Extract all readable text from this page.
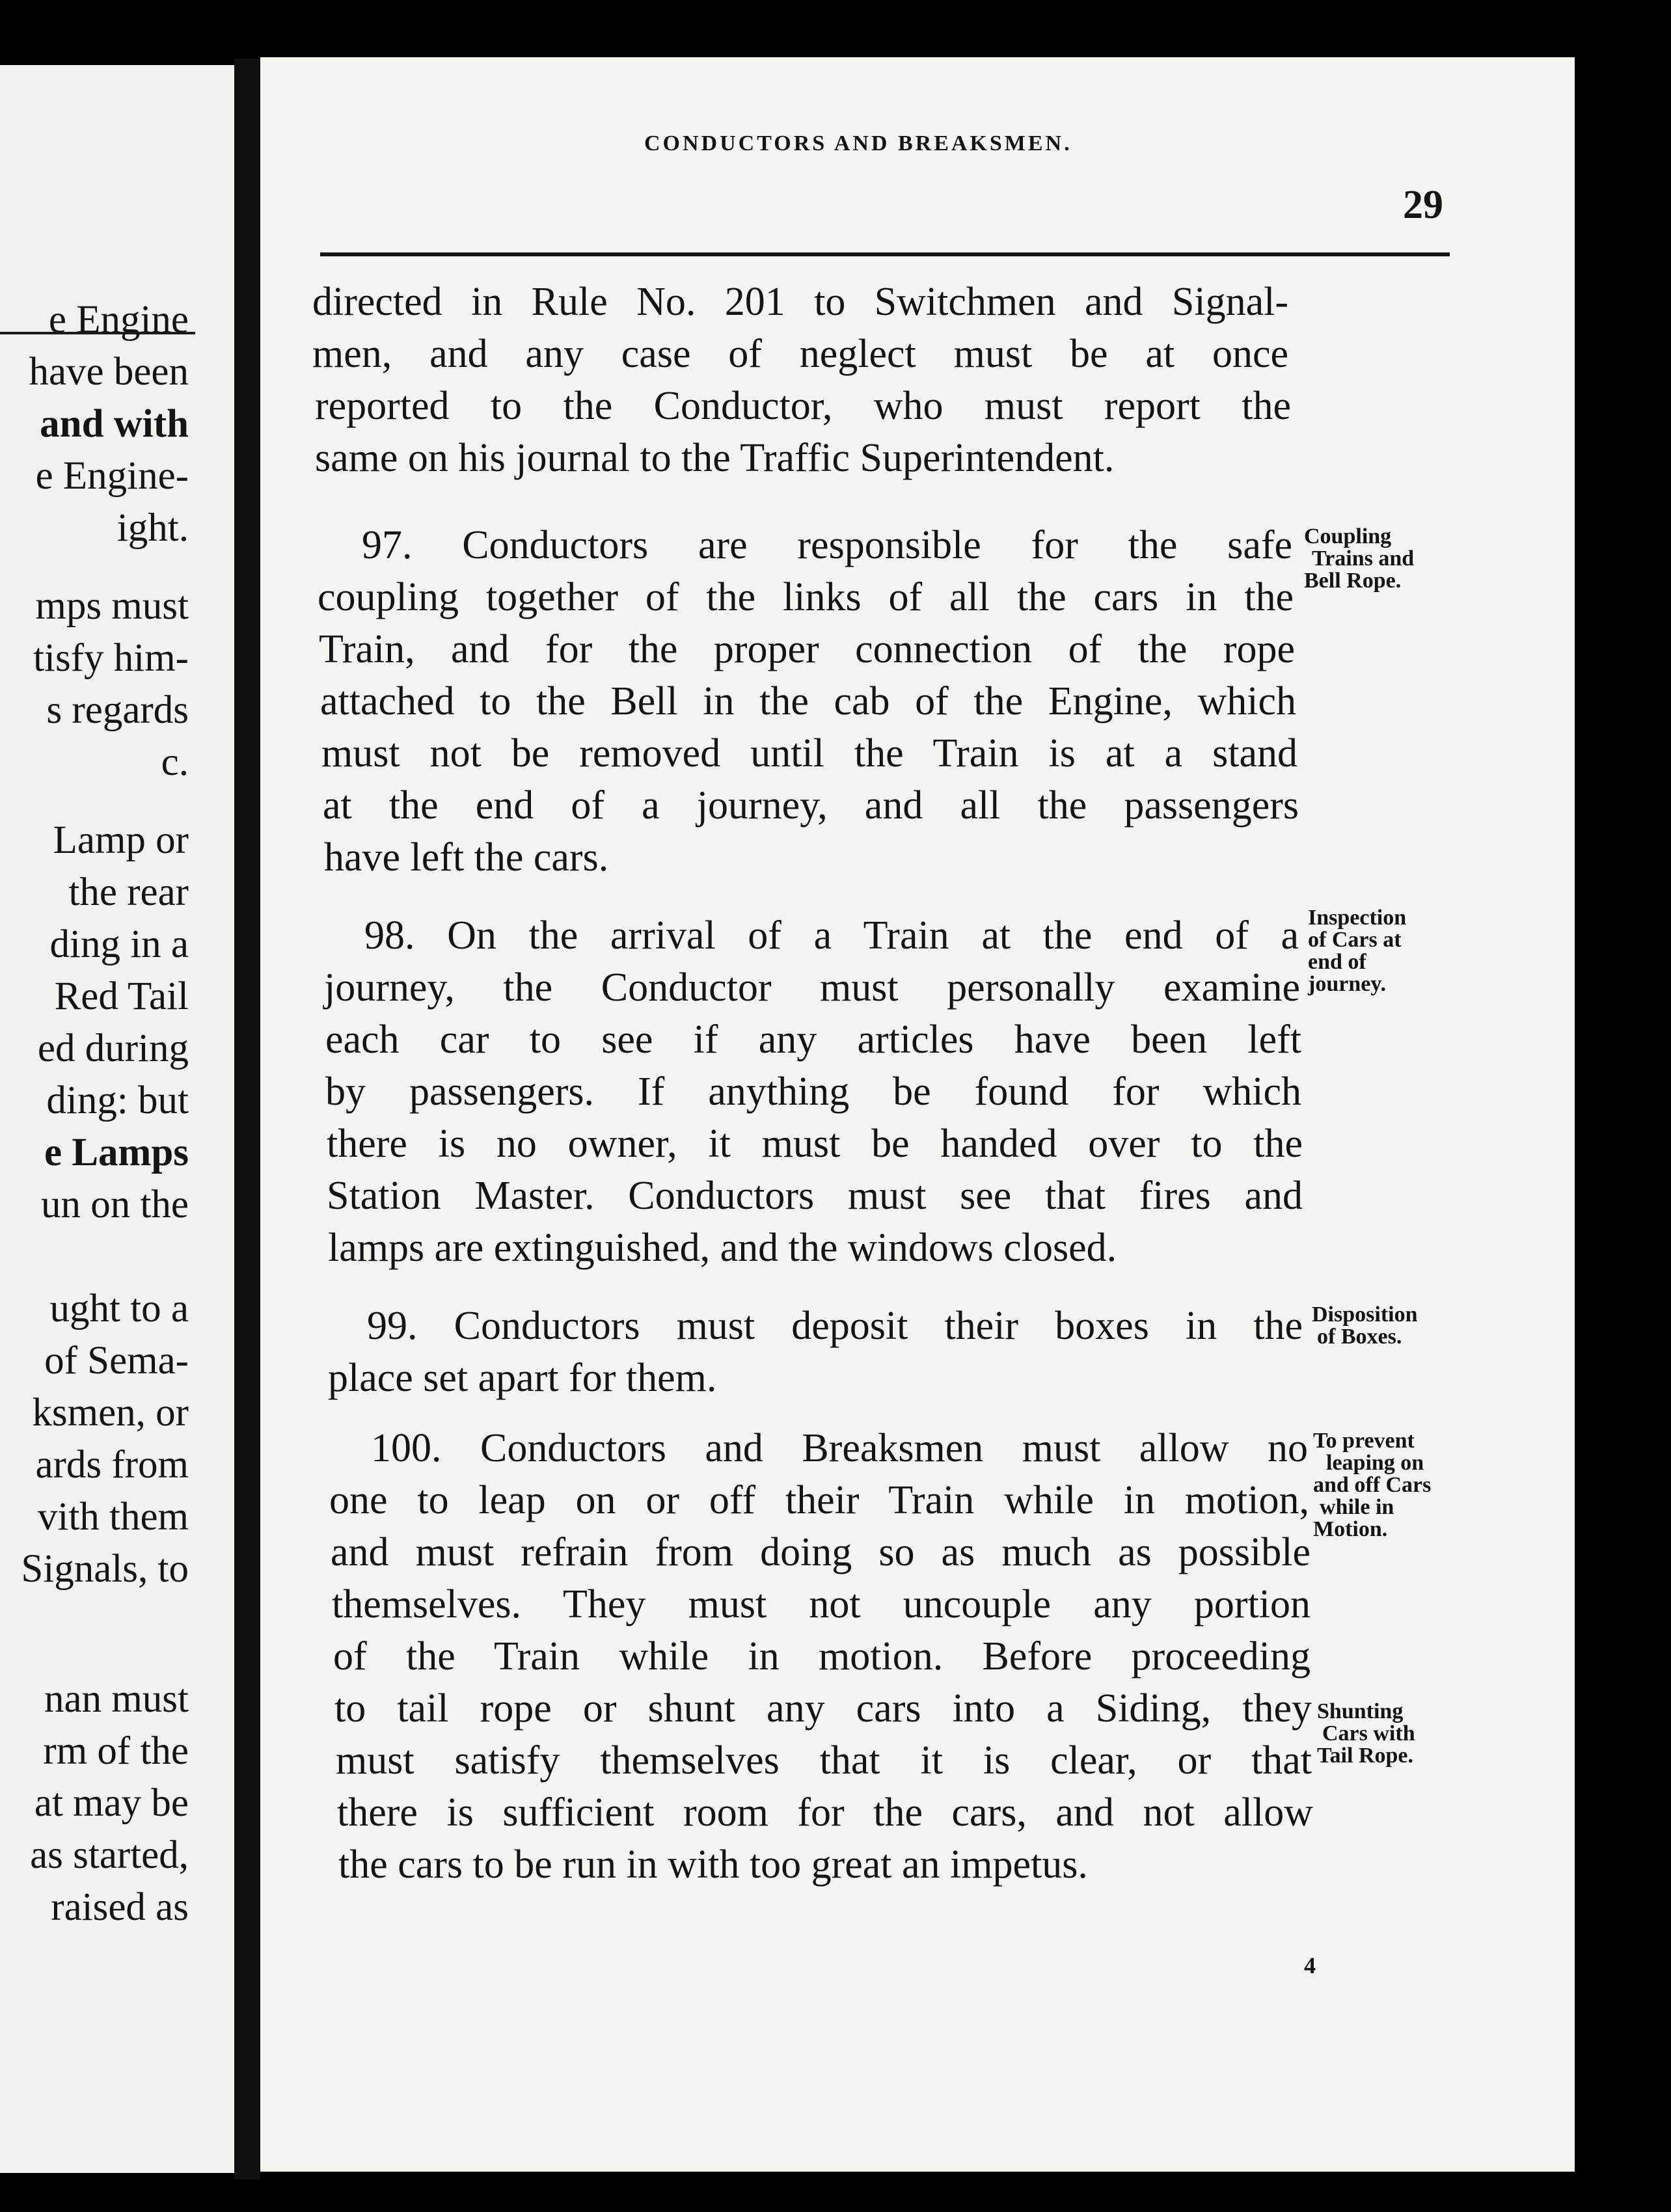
e Engine
have been
and with
e Engine-
ight.
mps must
tisfy him-
s regards
c.
Lamp or
the rear
ding in a
Red Tail
ed during
ding: but
e Lamps
un on the
ught to a
of Sema-
ksmen, or
ards from
vith them
Signals, to
nan must
rm of the
at may be
as started,
raised as
CONDUCTORS AND BREAKSMEN.
29
directed in Rule No. 201 to Switchmen and Signal-
men, and any case of neglect must be at once
reported to the Conductor, who must report the
same on his journal to the Traffic Superintendent.
97. Conductors are responsible for the safe
coupling together of the links of all the cars in the
Train, and for the proper connection of the rope
attached to the Bell in the cab of the Engine, which
must not be removed until the Train is at a stand
at the end of a journey, and all the passengers
have left the cars.
98. On the arrival of a Train at the end of a
journey, the Conductor must personally examine
each car to see if any articles have been left
by passengers. If anything be found for which
there is no owner, it must be handed over to the
Station Master. Conductors must see that fires and
lamps are extinguished, and the windows closed.
99. Conductors must deposit their boxes in the
place set apart for them.
100. Conductors and Breaksmen must allow no
one to leap on or off their Train while in motion,
and must refrain from doing so as much as possible
themselves. They must not uncouple any portion
of the Train while in motion. Before proceeding
to tail rope or shunt any cars into a Siding, they
must satisfy themselves that it is clear, or that
there is sufficient room for the cars, and not allow
the cars to be run in with too great an impetus.
Coupling
Trains and
Bell Rope.
Inspection
of Cars at
end of
journey.
Disposition
of Boxes.
To prevent
leaping on
and off Cars
while in
Motion.
Shunting
Cars with
Tail Rope.
4
